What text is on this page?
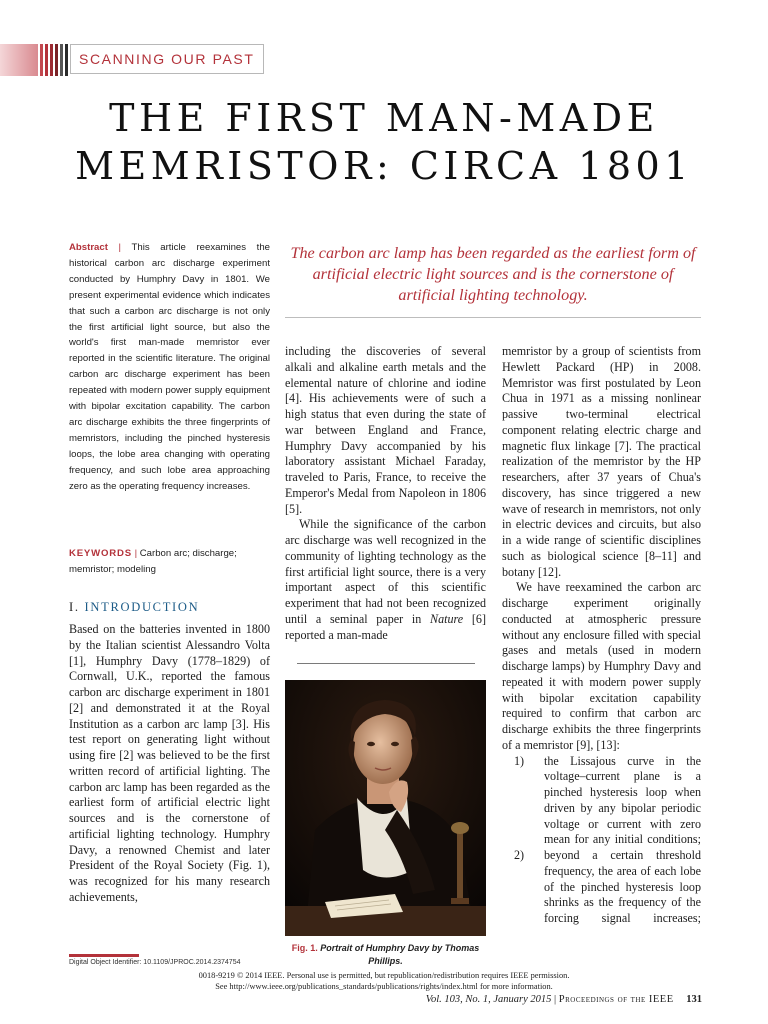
SCANNING OUR PAST
THE FIRST MAN-MADE
MEMRISTOR: CIRCA 1801
Abstract | This article reexamines the historical carbon arc discharge experiment conducted by Humphry Davy in 1801. We present experimental evidence which indicates that such a carbon arc discharge is not only the first artificial light source, but also the world's first man-made memristor ever reported in the scientific literature. The original carbon arc discharge experiment has been repeated with modern power supply equipment with bipolar excitation capability. The carbon arc discharge exhibits the three fingerprints of memristors, including the pinched hysteresis loops, the lobe area changing with operating frequency, and such lobe area approaching zero as the operating frequency increases.
KEYWORDS | Carbon arc; discharge; memristor; modeling
I. INTRODUCTION

Based on the batteries invented in 1800 by the Italian scientist Alessandro Volta [1], Humphry Davy (1778–1829) of Cornwall, U.K., reported the famous carbon arc discharge experiment in 1801 [2] and demonstrated it at the Royal Institution as a carbon arc lamp [3]. His test report on generating light without using fire [2] was believed to be the first written record of artificial lighting. The carbon arc lamp has been regarded as the earliest form of artificial electric light sources and is the cornerstone of artificial lighting technology. Humphry Davy, a renowned Chemist and later President of the Royal Society (Fig. 1), was recognized for his many research achievements,

The carbon arc lamp has been regarded as the earliest form of artificial electric light sources and is the cornerstone of artificial lighting technology.

including the discoveries of several alkali and alkaline earth metals and the elemental nature of chlorine and iodine [4]. His achievements were of such a high status that even during the state of war between England and France, Humphry Davy accompanied by his laboratory assistant Michael Faraday, traveled to Paris, France, to receive the Emperor's Medal from Napoleon in 1806 [5].

While the significance of the carbon arc discharge was well recognized in the community of lighting technology as the first artificial light source, there is a very important aspect of this scientific experiment that had not been recognized until a seminal paper in Nature [6] reported a man-made

memristor by a group of scientists from Hewlett Packard (HP) in 2008. Memristor was first postulated by Leon Chua in 1971 as a missing nonlinear passive two-terminal electrical component relating electric charge and magnetic flux linkage [7]. The practical realization of the memristor by the HP researchers, after 37 years of Chua's discovery, has since triggered a new wave of research in memristors, not only in electric devices and circuits, but also in a wide range of scientific disciplines such as biological science [8–11] and botany [12].

We have reexamined the carbon arc discharge experiment originally conducted at atmospheric pressure without any enclosure filled with special gases and metals (used in modern discharge lamps) by Humphry Davy and repeated it with modern power supply with bipolar excitation capability required to confirm that carbon arc discharge exhibits the three fingerprints of a memristor [9], [13]:

1)	the Lissajous curve in the voltage–current plane is a pinched hysteresis loop when driven by any bipolar periodic voltage or current with zero mean for any initial conditions;
2)	beyond a certain threshold frequency, the area of each lobe of the pinched hysteresis loop shrinks as the frequency of the forcing signal increases;
Fig. 1. Portrait of Humphry Davy by Thomas Phillips.
Digital Object Identifier: 10.1109/JPROC.2014.2374754
0018-9219 © 2014 IEEE. Personal use is permitted, but republication/redistribution requires IEEE permission.
See http://www.ieee.org/publications_standards/publications/rights/index.html for more information.
Vol. 103, No. 1, January 2015 | Proceedings of the IEEE 131
